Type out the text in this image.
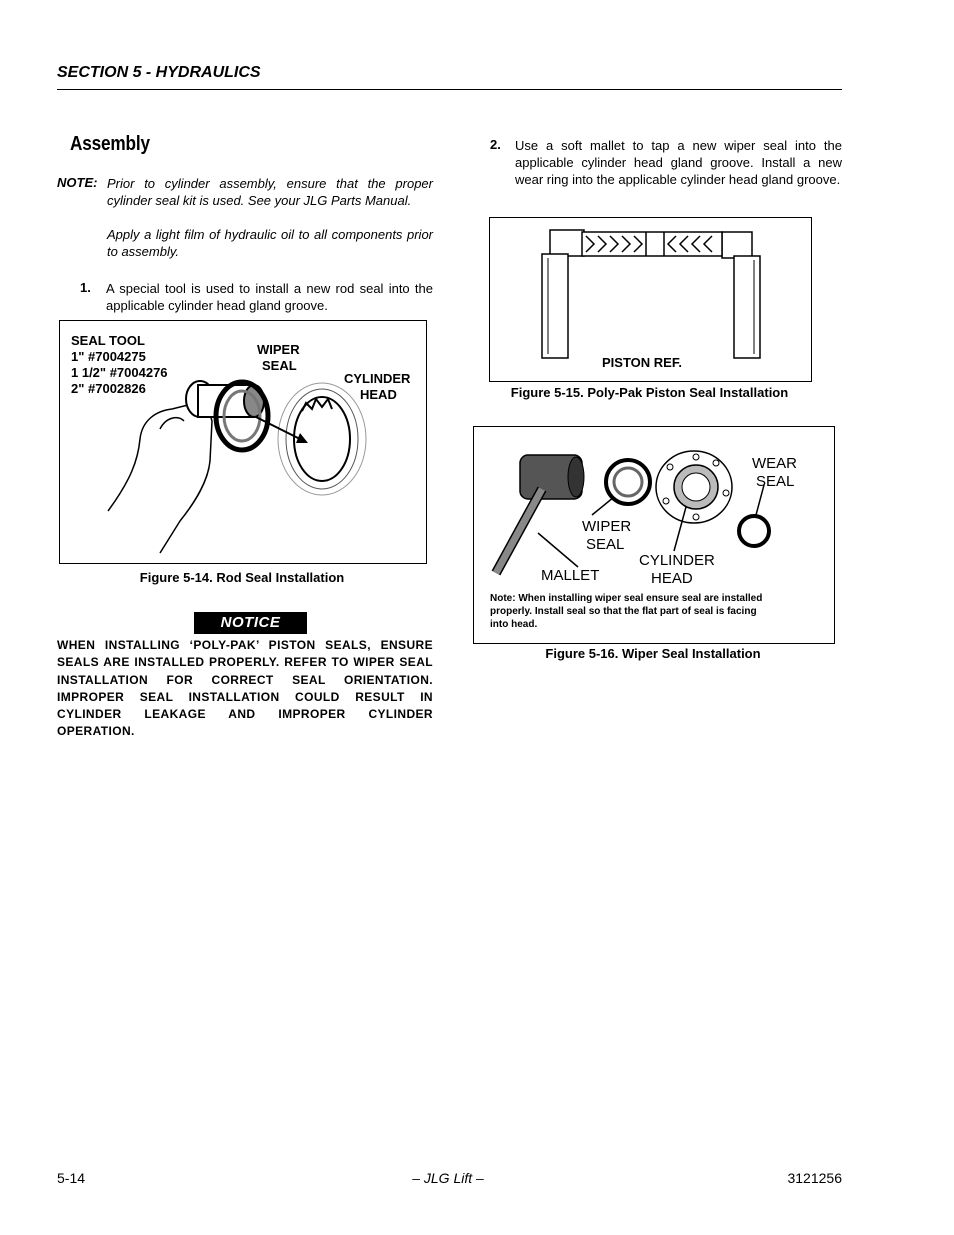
SECTION 5 - HYDRAULICS
Assembly
NOTE: Prior to cylinder assembly, ensure that the proper cylinder seal kit is used. See your JLG Parts Manual.
Apply a light film of hydraulic oil to all components prior to assembly.
1. A special tool is used to install a new rod seal into the applicable cylinder head gland groove.
SEAL TOOL
1" #7004275
1 1/2" #7004276
2" #7002826
WIPER
SEAL
CYLINDER
HEAD
Figure 5-14. Rod Seal Installation
NOTICE
WHEN INSTALLING ‘POLY-PAK’ PISTON SEALS, ENSURE SEALS ARE INSTALLED PROPERLY. REFER TO WIPER SEAL INSTALLATION FOR CORRECT SEAL ORIENTATION. IMPROPER SEAL INSTALLATION COULD RESULT IN CYLINDER LEAKAGE AND IMPROPER CYLINDER OPERATION.
2. Use a soft mallet to tap a new wiper seal into the applicable cylinder head gland groove. Install a new wear ring into the applicable cylinder head gland groove.
PISTON REF.
Figure 5-15. Poly-Pak Piston Seal Installation
WEAR
SEAL
WIPER
SEAL
CYLINDER
HEAD
MALLET
Note: When installing wiper seal ensure seal are installed
properly. Install seal so that the flat part of seal is facing
into head.
Figure 5-16. Wiper Seal Installation
5-14	– JLG Lift –	3121256
